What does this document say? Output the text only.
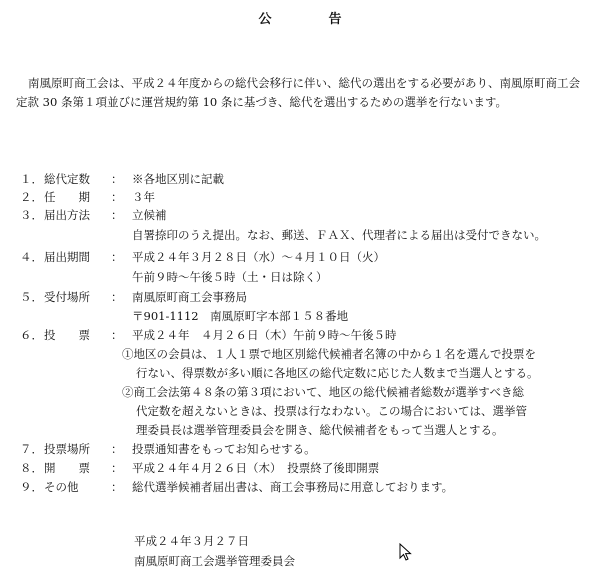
公　告

南風原町商工会は、平成２４年度からの総代会移行に伴い、総代の選出をする必要があり、南風原町商工会定款 30 条第１項並びに運営規約第 10 条に基づき、総代を選出するための選挙を行ないます。

１． 総代定数 ： ※各地区別に記載
２． 任　　期 ： ３年
３． 届出方法 ： 立候補
自署捺印のうえ提出。なお、郵送、ＦＡＸ、代理者による届出は受付できない。
４． 届出期間 ： 平成２４年３月２８日（水）～４月１０日（火）
午前９時～午後５時（土・日は除く）
５． 受付場所 ： 南風原町商工会事務局
〒901-1112　南風原町字本部１５８番地
６． 投　　票 ： 平成２４年　４月２６日（木）午前９時～午後５時
①地区の会員は、１人１票で地区別総代候補者名簿の中から１名を選んで投票を
行ない、得票数が多い順に各地区の総代定数に応じた人数まで当選人とする。
②商工会法第４８条の第３項において、地区の総代候補者総数が選挙すべき総
代定数を超えないときは、投票は行なわない。この場合においては、選挙管
理委員長は選挙管理委員会を開き、総代候補者をもって当選人とする。
７． 投票場所 ： 投票通知書をもってお知らせする。
８． 開　　票 ： 平成２４年４月２６日（木）　投票終了後即開票
９． その他	： 総代選挙候補者届出書は、商工会事務局に用意しております。
平成２４年３月２７日
南風原町商工会選挙管理委員会
